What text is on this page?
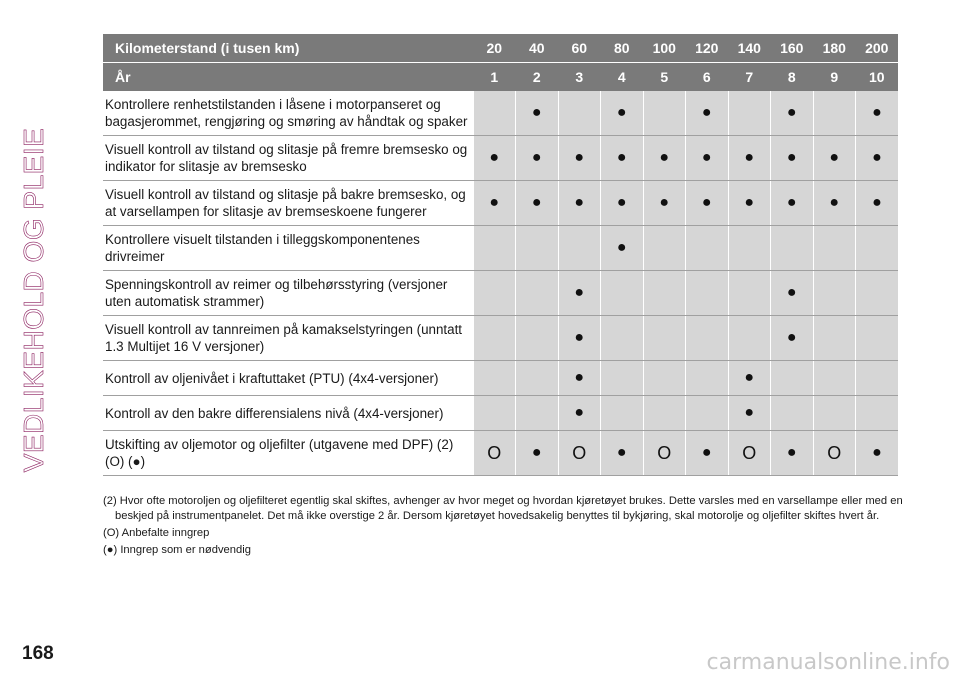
VEDLIKEHOLD OG PLEIE
Kilometerstand (i tusen km)	20	40	60	80	100	120	140	160	180	200
År	1	2	3	4	5	6	7	8	9	10
Kontrollere renhetstilstanden i låsene i motorpanseret og bagasjerommet, rengjøring og smøring av håndtak og spaker		●		●		●		●		●
Visuell kontroll av tilstand og slitasje på fremre bremsesko og indikator for slitasje av bremsesko	●	●	●	●	●	●	●	●	●	●
Visuell kontroll av tilstand og slitasje på bakre bremsesko, og at varsellampen for slitasje av bremseskoene fungerer	●	●	●	●	●	●	●	●	●	●
Kontrollere visuelt tilstanden i tilleggskomponentenes drivreimer				●						
Spenningskontroll av reimer og tilbehørsstyring (versjoner uten automatisk strammer)			●					●		
Visuell kontroll av tannreimen på kamakselstyringen (unntatt 1.3 Multijet 16 V versjoner)			●					●		
Kontroll av oljenivået i kraftuttaket (PTU) (4x4-versjoner)			●				●			
Kontroll av den bakre differensialens nivå (4x4-versjoner)			●				●			
Utskifting av oljemotor og oljefilter (utgavene med DPF) (2) (O) (●)	O	●	O	●	O	●	O	●	O	●

(2) Hvor ofte motoroljen og oljefilteret egentlig skal skiftes, avhenger av hvor meget og hvordan kjøretøyet brukes. Dette varsles med en varsellampe eller med en beskjed på instrumentpanelet. Det må ikke overstige 2 år. Dersom kjøretøyet hovedsakelig benyttes til bykjøring, skal motorolje og oljefilter skiftes hvert år.

(O) Anbefalte inngrep

(●) Inngrep som er nødvendig

168	carmanualsonline.info
